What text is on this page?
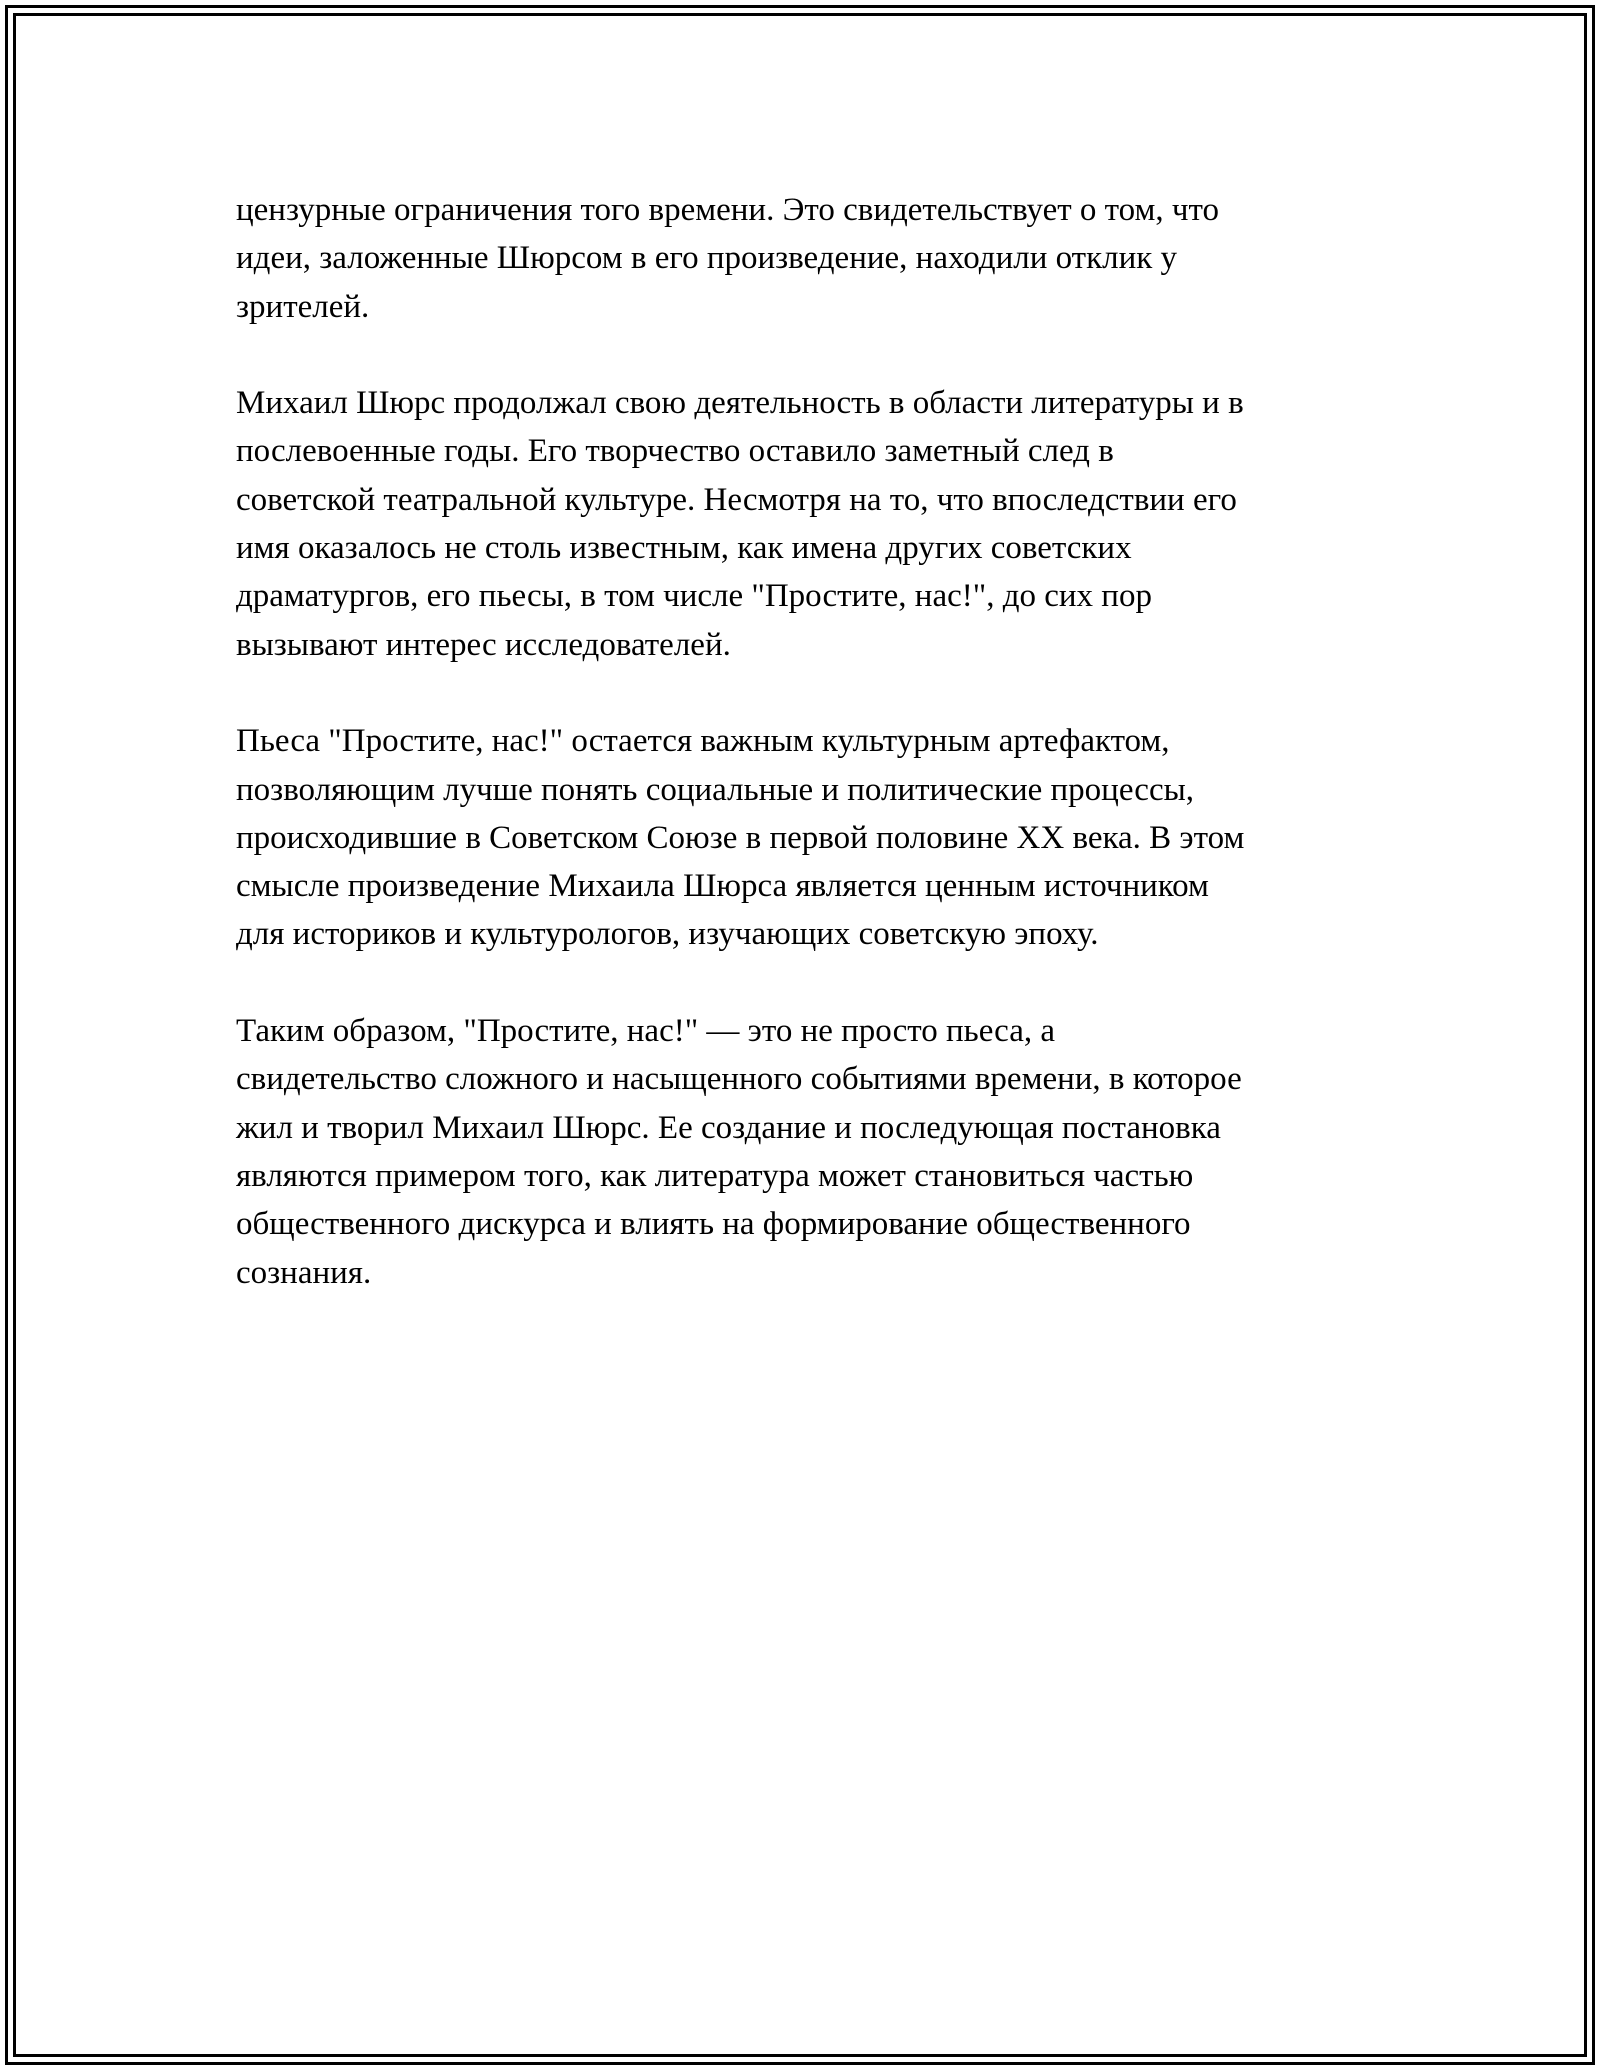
цензурные ограничения того времени. Это свидетельствует о том, что
идеи, заложенные Шюрсом в его произведение, находили отклик у
зрителей.

Михаил Шюрс продолжал свою деятельность в области литературы и в
послевоенные годы. Его творчество оставило заметный след в
советской театральной культуре. Несмотря на то, что впоследствии его
имя оказалось не столь известным, как имена других советских
драматургов, его пьесы, в том числе "Простите, нас!", до сих пор
вызывают интерес исследователей.

Пьеса "Простите, нас!" остается важным культурным артефактом,
позволяющим лучше понять социальные и политические процессы,
происходившие в Советском Союзе в первой половине XX века. В этом
смысле произведение Михаила Шюрса является ценным источником
для историков и культурологов, изучающих советскую эпоху.

Таким образом, "Простите, нас!" — это не просто пьеса, а
свидетельство сложного и насыщенного событиями времени, в которое
жил и творил Михаил Шюрс. Ее создание и последующая постановка
являются примером того, как литература может становиться частью
общественного дискурса и влиять на формирование общественного
сознания.
